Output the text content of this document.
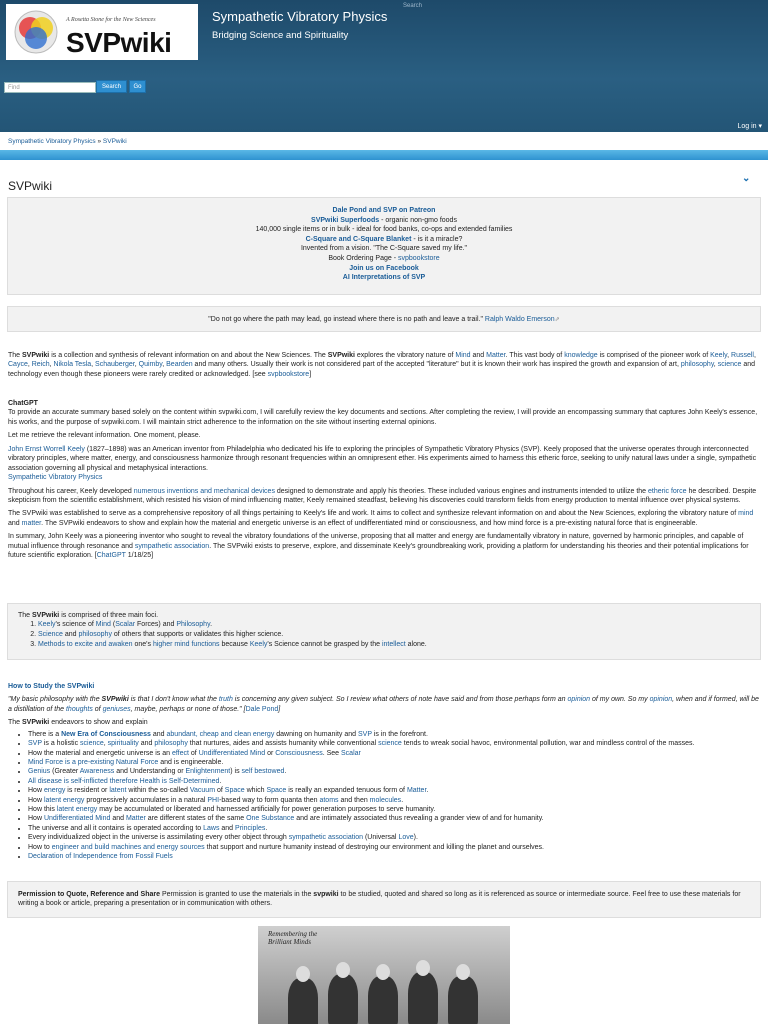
A Rosetta Stone for the New Sciences
SVPwiki
Sympathetic Vibratory Physics
Bridging Science and Spirituality
Search
Find	Search	Go
Log in ▾
Sympathetic Vibratory Physics » SVPwiki
SVPwiki
⌄
Dale Pond and SVP on Patreon
SVPwiki Superfoods - organic non-gmo foods
140,000 single items or in bulk - ideal for food banks, co-ops and extended families
C-Square and C-Square Blanket - is it a miracle?
Invented from a vision. "The C-Square saved my life."
Book Ordering Page - svpbookstore
Join us on Facebook
AI Interpretations of SVP
"Do not go where the path may lead, go instead where there is no path and leave a trail." Ralph Waldo Emerson⇗

The SVPwiki is a collection and synthesis of relevant information on and about the New Sciences. The SVPwiki explores the vibratory nature of Mind and Matter. This vast body of knowledge is comprised of the pioneer work of Keely, Russell, Cayce, Reich, Nikola Tesla, Schauberger, Quimby, Bearden and many others. Usually their work is not considered part of the accepted "literature" but it is known their work has inspired the growth and expansion of art, philosophy, science and technology even though these pioneers were rarely credited or acknowledged. [see svpbookstore]

ChatGPT

To provide an accurate summary based solely on the content within svpwiki.com, I will carefully review the key documents and sections. After completing the review, I will provide an encompassing summary that captures John Keely's essence, his works, and the purpose of svpwiki.com. I will maintain strict adherence to the information on the site without inserting external opinions.

Let me retrieve the relevant information. One moment, please.

John Ernst Worrell Keely (1827–1898) was an American inventor from Philadelphia who dedicated his life to exploring the principles of Sympathetic Vibratory Physics (SVP). Keely proposed that the universe operates through interconnected vibratory principles, where matter, energy, and consciousness harmonize through resonant frequencies within an omnipresent ether. His experiments aimed to harness this etheric force, seeking to unify natural laws under a single, sympathetic association governing all physical and metaphysical interactions.

Sympathetic Vibratory Physics

Throughout his career, Keely developed numerous inventions and mechanical devices designed to demonstrate and apply his theories. These included various engines and instruments intended to utilize the etheric force he described. Despite skepticism from the scientific establishment, which resisted his vision of mind influencing matter, Keely remained steadfast, believing his discoveries could transform fields from energy production to mental influence over physical systems.

The SVPwiki was established to serve as a comprehensive repository of all things pertaining to Keely's life and work. It aims to collect and synthesize relevant information on and about the New Sciences, exploring the vibratory nature of mind and matter. The SVPwiki endeavors to show and explain how the material and energetic universe is an effect of undifferentiated mind or consciousness, and how mind force is a pre-existing natural force that is engineerable.

In summary, John Keely was a pioneering inventor who sought to reveal the vibratory foundations of the universe, proposing that all matter and energy are fundamentally vibratory in nature, governed by harmonic principles, and capable of mutual influence through resonance and sympathetic association. The SVPwiki exists to preserve, explore, and disseminate Keely's groundbreaking work, providing a platform for understanding his theories and their potential implications for future scientific exploration. [ChatGPT 1/18/25]

The SVPwiki is comprised of three main foci.
1. Keely's science of Mind (Scalar Forces) and Philosophy.
2. Science and philosophy of others that supports or validates this higher science.
3. Methods to excite and awaken one's higher mind functions because Keely's Science cannot be grasped by the intellect alone.

How to Study the SVPwiki

"My basic philosophy with the SVPwiki is that I don't know what the truth is concerning any given subject. So I review what others of note have said and from those perhaps form an opinion of my own. So my opinion, when and if formed, will be a distillation of the thoughts of geniuses, maybe, perhaps or none of those." [Dale Pond]

The SVPwiki endeavors to show and explain

• There is a New Era of Consciousness and abundant, cheap and clean energy dawning on humanity and SVP is in the forefront.
• SVP is a holistic science, spirituality and philosophy that nurtures, aides and assists humanity while conventional science tends to wreak social havoc, environmental pollution, war and mindless control of the masses.
• How the material and energetic universe is an effect of Undifferentiated Mind or Consciousness. See Scalar
• Mind Force is a pre-existing Natural Force and is engineerable.
• Genius (Greater Awareness and Understanding or Enlightenment) is self bestowed.
• All disease is self-inflicted therefore Health is Self-Determined.
• How energy is resident or latent within the so-called Vacuum of Space which Space is really an expanded tenuous form of Matter.
• How latent energy progressively accumulates in a natural PHI-based way to form quanta then atoms and then molecules.
• How this latent energy may be accumulated or liberated and harnessed artificially for power generation purposes to serve humanity.
• How Undifferentiated Mind and Matter are different states of the same One Substance and are intimately associated thus revealing a grander view of and for humanity.
• The universe and all it contains is operated according to Laws and Principles.
• Every individualized object in the universe is assimilating every other object through sympathetic association (Universal Love).
• How to engineer and build machines and energy sources that support and nurture humanity instead of destroying our environment and killing the planet and ourselves.
• Declaration of Independence from Fossil Fuels
Permission to Quote, Reference and Share Permission is granted to use the materials in the svpwiki to be studied, quoted and shared so long as it is referenced as source or intermediate source. Feel free to use these materials for writing a book or article, preparing a presentation or in communication with others.
Remembering the
Brilliant Minds
